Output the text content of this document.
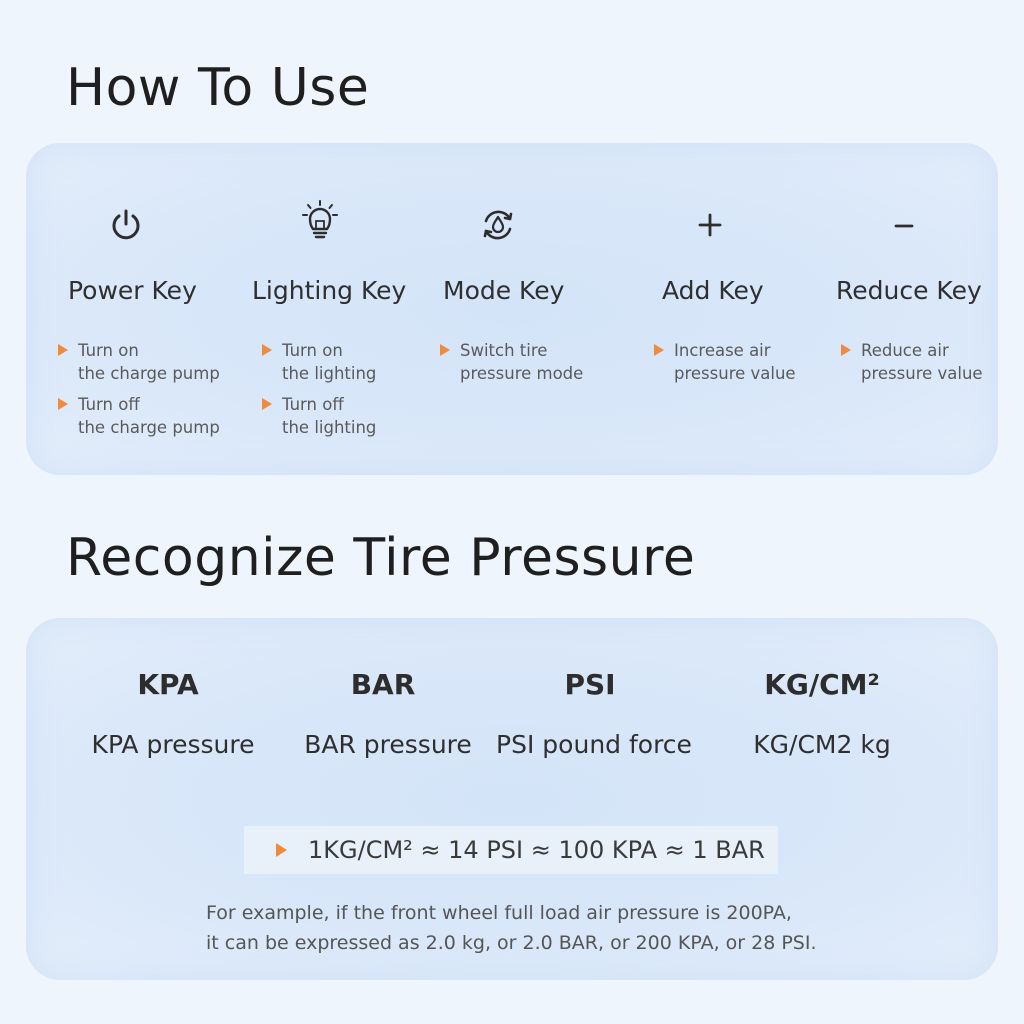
How To Use
Power Key
Turn on
the charge pump
Turn off
the charge pump
Lighting Key
Turn on
the lighting
Turn off
the lighting
Mode Key
Switch tire
pressure mode
Add Key
Increase air
pressure value
Reduce Key
Reduce air
pressure value
Recognize Tire Pressure
KPA
KPA pressure
BAR
BAR pressure
PSI
PSI pound force
KG/CM²
KG/CM2 kg
1KG/CM² ≈ 14 PSI ≈ 100 KPA ≈ 1 BAR
For example, if the front wheel full load air pressure is 200PA,
it can be expressed as 2.0 kg, or 2.0 BAR, or 200 KPA, or 28 PSI.
